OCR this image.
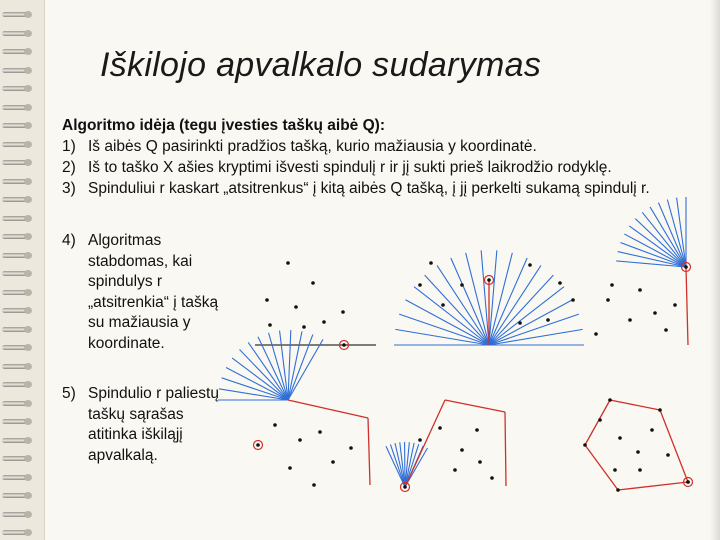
Iškilojo apvalkalo sudarymas
Algoritmo idėja (tegu įvesties taškų aibė Q):
1) Iš aibės Q pasirinkti pradžios tašką, kurio mažiausia y koordinatė.
2) Iš to taško X ašies kryptimi išvesti spindulį r ir jį sukti prieš laikrodžio rodyklę.
3) Spinduliui r kaskart „atsitrenkus“ į kitą aibės Q tašką, į jį perkelti sukamą spindulį r.
4) Algoritmas stabdomas, kai spindulys r „atsitrenkia“ į tašką su mažiausia y koordinate.
5) Spindulio r paliestų taškų sąrašas atitinka iškiląjį apvalkalą.
